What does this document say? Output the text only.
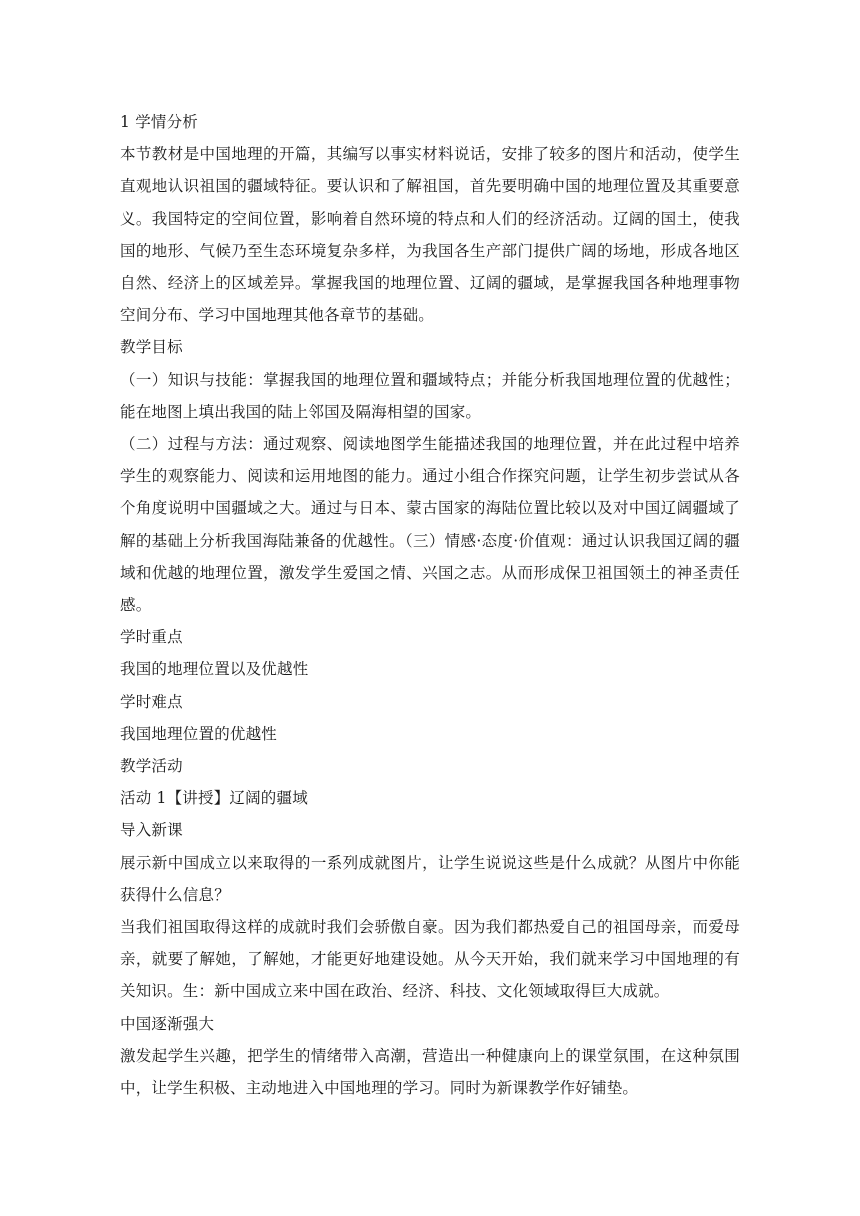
1 学情分析

本节教材是中国地理的开篇，其编写以事实材料说话，安排了较多的图片和活动，使学生直观地认识祖国的疆域特征。要认识和了解祖国，首先要明确中国的地理位置及其重要意义。我国特定的空间位置，影响着自然环境的特点和人们的经济活动。辽阔的国土，使我国的地形、气候乃至生态环境复杂多样，为我国各生产部门提供广阔的场地，形成各地区自然、经济上的区域差异。掌握我国的地理位置、辽阔的疆域，是掌握我国各种地理事物空间分布、学习中国地理其他各章节的基础。

教学目标

（一）知识与技能：掌握我国的地理位置和疆域特点；并能分析我国地理位置的优越性；能在地图上填出我国的陆上邻国及隔海相望的国家。

（二）过程与方法：通过观察、阅读地图学生能描述我国的地理位置，并在此过程中培养学生的观察能力、阅读和运用地图的能力。通过小组合作探究问题，让学生初步尝试从各个角度说明中国疆域之大。通过与日本、蒙古国家的海陆位置比较以及对中国辽阔疆域了解的基础上分析我国海陆兼备的优越性。（三）情感·态度·价值观：通过认识我国辽阔的疆域和优越的地理位置，激发学生爱国之情、兴国之志。从而形成保卫祖国领土的神圣责任感。

学时重点

我国的地理位置以及优越性

学时难点

我国地理位置的优越性

教学活动

活动 1【讲授】辽阔的疆域

导入新课

展示新中国成立以来取得的一系列成就图片，让学生说说这些是什么成就？从图片中你能获得什么信息？

当我们祖国取得这样的成就时我们会骄傲自豪。因为我们都热爱自己的祖国母亲，而爱母亲，就要了解她，了解她，才能更好地建设她。从今天开始，我们就来学习中国地理的有关知识。生：新中国成立来中国在政治、经济、科技、文化领域取得巨大成就。

中国逐渐强大

激发起学生兴趣，把学生的情绪带入高潮，营造出一种健康向上的课堂氛围，在这种氛围中，让学生积极、主动地进入中国地理的学习。同时为新课教学作好铺垫。
